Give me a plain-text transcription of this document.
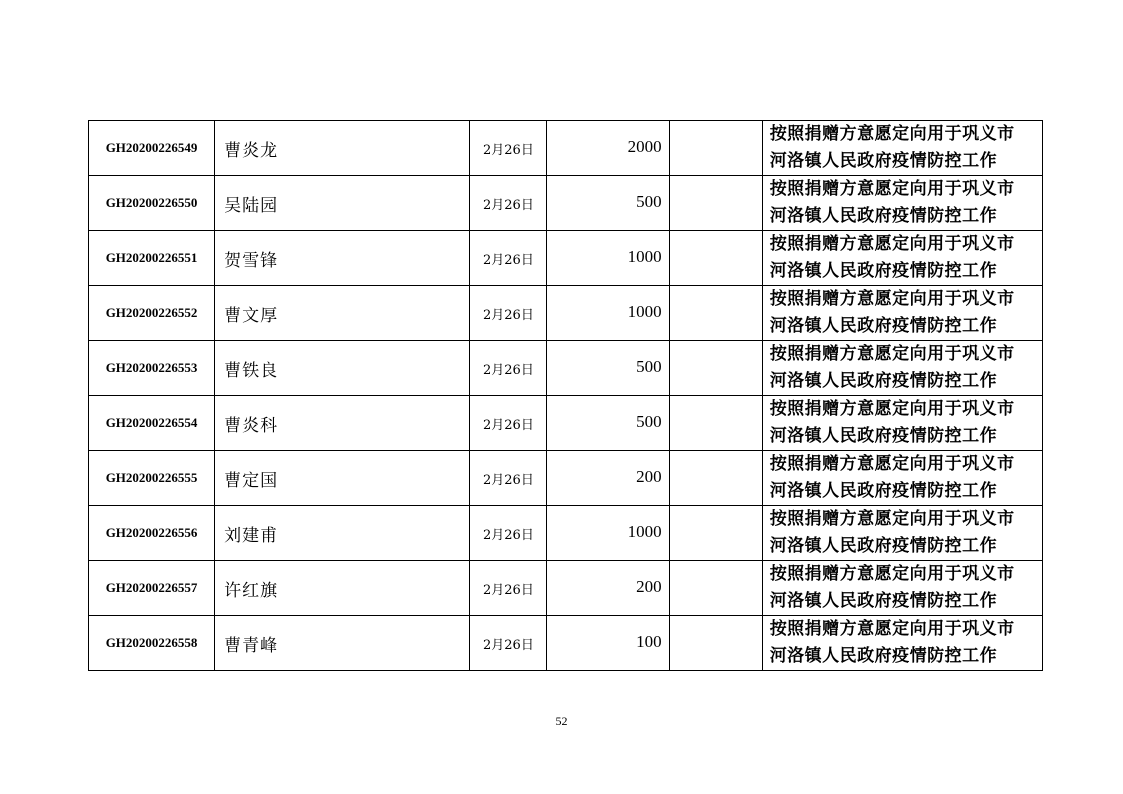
GH20200226549	曹炎龙	2月26日	2000		按照捐赠方意愿定向用于巩义市
河洛镇人民政府疫情防控工作

GH20200226550	吴陆园	2月26日	500		按照捐赠方意愿定向用于巩义市
河洛镇人民政府疫情防控工作

GH20200226551	贺雪锋	2月26日	1000		按照捐赠方意愿定向用于巩义市
河洛镇人民政府疫情防控工作

GH20200226552	曹文厚	2月26日	1000		按照捐赠方意愿定向用于巩义市
河洛镇人民政府疫情防控工作

GH20200226553	曹铁良	2月26日	500		按照捐赠方意愿定向用于巩义市
河洛镇人民政府疫情防控工作

GH20200226554	曹炎科	2月26日	500		按照捐赠方意愿定向用于巩义市
河洛镇人民政府疫情防控工作

GH20200226555	曹定国	2月26日	200		按照捐赠方意愿定向用于巩义市
河洛镇人民政府疫情防控工作

GH20200226556	刘建甫	2月26日	1000		按照捐赠方意愿定向用于巩义市
河洛镇人民政府疫情防控工作

GH20200226557	许红旗	2月26日	200		按照捐赠方意愿定向用于巩义市
河洛镇人民政府疫情防控工作

GH20200226558	曹青峰	2月26日	100		按照捐赠方意愿定向用于巩义市
河洛镇人民政府疫情防控工作
52
